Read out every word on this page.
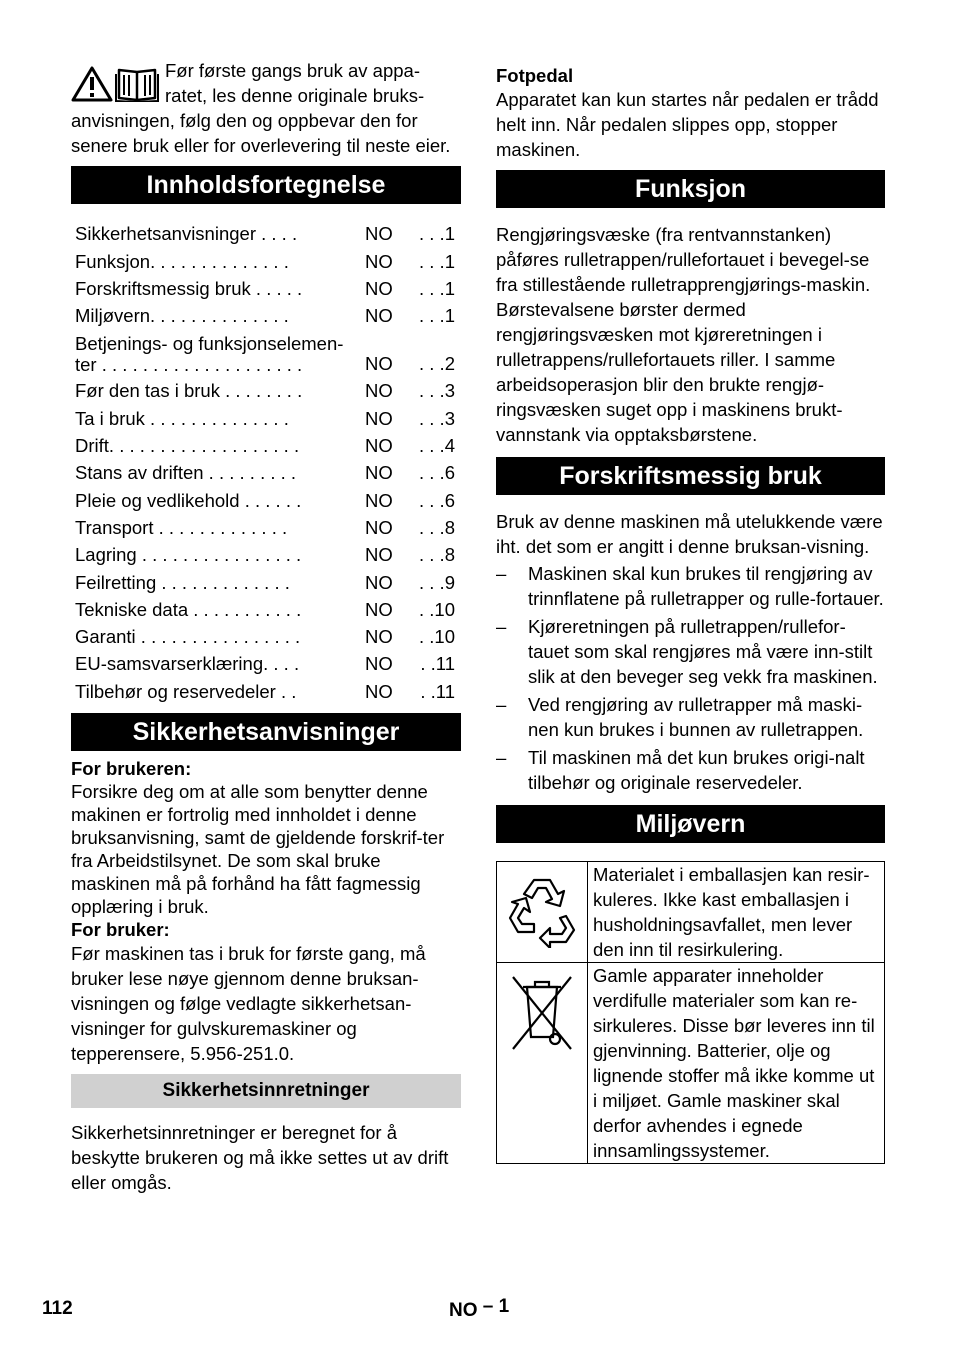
Før første gangs bruk av appa-
ratet, les denne originale bruks-
anvisningen, følg den og oppbevar den for senere bruk eller for overlevering til neste eier.
Innholdsfortegnelse
Sikkerhetsanvisninger . . . .	NO	. . .1
Funksjon. . . . . . . . . . . . . .	NO	. . .1
Forskriftsmessig bruk . . . . .	NO	. . .1
Miljøvern. . . . . . . . . . . . . .	NO	. . .1

Betjenings- og funksjonselemen-
ter . . . . . . . . . . . . . . . . . . . .	NO	. . .2
Før den tas i bruk . . . . . . . .	NO	. . .3
Ta i bruk . . . . . . . . . . . . . .	NO	. . .3
Drift. . . . . . . . . . . . . . . . . . .	NO	. . .4
Stans av driften . . . . . . . . .	NO	. . .6
Pleie og vedlikehold . . . . . .	NO	. . .6
Transport . . . . . . . . . . . . .	NO	. . .8
Lagring . . . . . . . . . . . . . . . .	NO	. . .8
Feilretting . . . . . . . . . . . . .	NO	. . .9
Tekniske data . . . . . . . . . . .	NO	. .10
Garanti . . . . . . . . . . . . . . . .	NO	. .10
EU-samsvarserklæring. . . .	NO	. .11
Tilbehør og reservedeler . .	NO	. .11
Sikkerhetsanvisninger
For brukeren:

Forsikre deg om at alle som benytter denne makinen er fortrolig med innholdet i denne bruksanvisning, samt de gjeldende forskrif-ter fra Arbeidstilsynet. De som skal bruke maskinen må på forhånd ha fått fagmessig opplæring i bruk.

For bruker:

Før maskinen tas i bruk for første gang, må bruker lese nøye gjennom denne bruksan-visningen og følge vedlagte sikkerhetsan-visninger for gulvskuremaskiner og tepperensere, 5.956-251.0.

Sikkerhetsinnretninger

Sikkerhetsinnretninger er beregnet for å beskytte brukeren og må ikke settes ut av drift eller omgås.

Fotpedal

Apparatet kan kun startes når pedalen er trådd helt inn. Når pedalen slippes opp, stopper maskinen.

Funksjon

Rengjøringsvæske (fra rentvannstanken) påføres rulletrappen/rullefortauet i bevegel-se fra stillestående rulletrapprengjørings-maskin. Børstevalsene børster dermed rengjøringsvæsken mot kjøreretningen i rulletrappens/rullefortauets riller. I samme arbeidsoperasjon blir den brukte rengjø-ringsvæsken suget opp i maskinens brukt-vannstank via opptaksbørstene.

Forskriftsmessig bruk

Bruk av denne maskinen må utelukkende være iht. det som er angitt i denne bruksan-visning.

– Maskinen skal kun brukes til rengjøring av trinnflatene på rulletrapper og rulle-fortauer.
– Kjøreretningen på rulletrappen/rullefor-tauet som skal rengjøres må være inn-stilt slik at den beveger seg vekk fra maskinen.
– Ved rengjøring av rulletrapper må maski-nen kun brukes i bunnen av rulletrappen.
– Til maskinen må det kun brukes origi-nalt tilbehør og originale reservedeler.
Miljøvern
	Materialet i emballasjen kan resir-kuleres. Ikke kast emballasjen i husholdningsavfallet, men lever den inn til resirkulering.
	Gamle apparater inneholder verdifulle materialer som kan re-sirkuleres. Disse bør leveres inn til gjenvinning. Batterier, olje og lignende stoffer må ikke komme ut i miljøet. Gamle maskiner skal derfor avhendes i egnede innsamlingssystemer.
112	NO – 1
